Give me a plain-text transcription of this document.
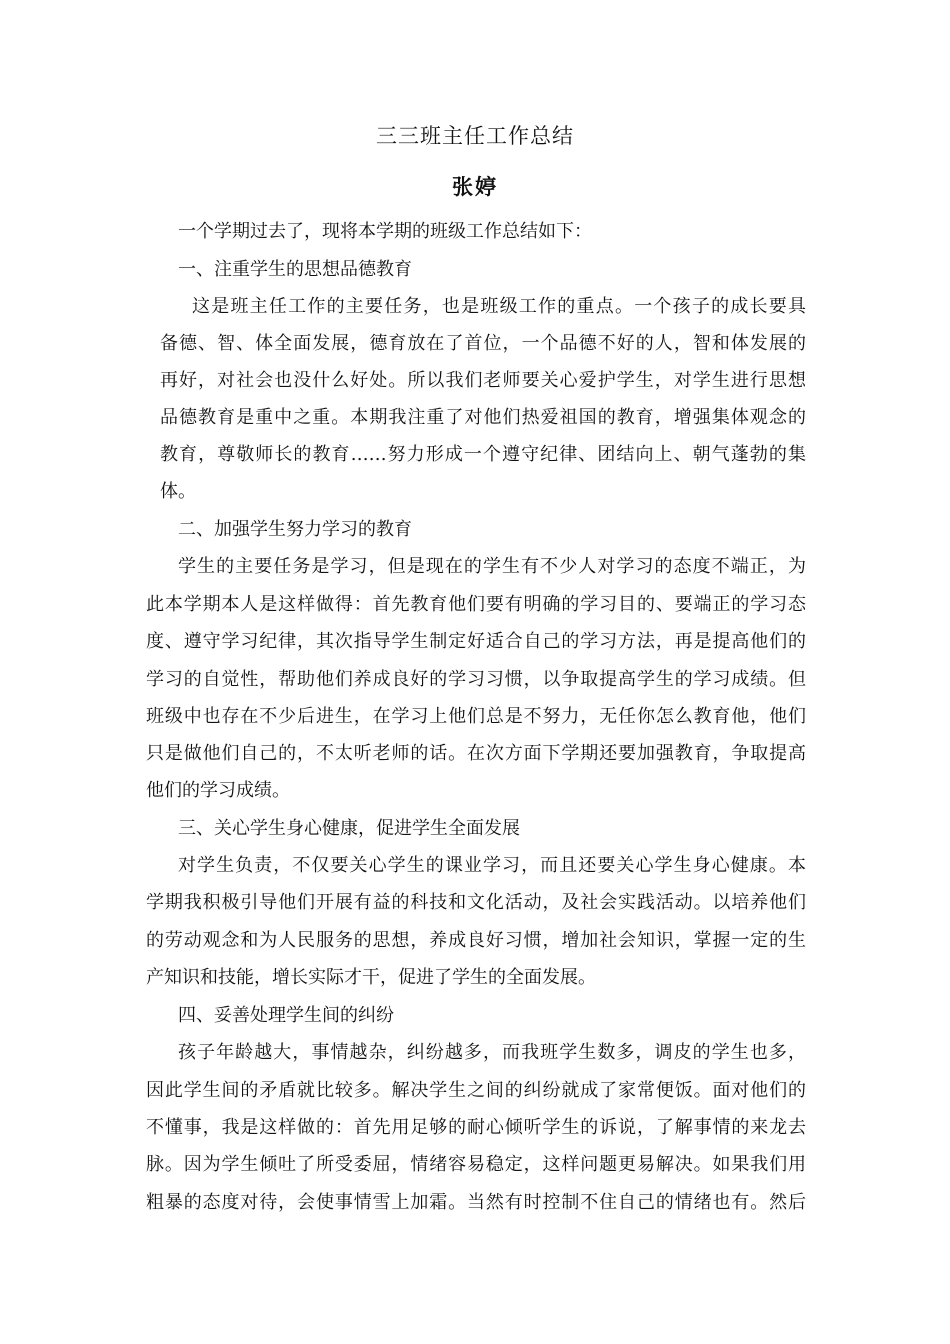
三三班主任工作总结
张婷
一个学期过去了，现将本学期的班级工作总结如下：
一、注重学生的思想品德教育
这是班主任工作的主要任务，也是班级工作的重点。一个孩子的成长要具
备德、智、体全面发展，德育放在了首位，一个品德不好的人，智和体发展的
再好，对社会也没什么好处。所以我们老师要关心爱护学生，对学生进行思想
品德教育是重中之重。本期我注重了对他们热爱祖国的教育，增强集体观念的
教育，尊敬师长的教育……努力形成一个遵守纪律、团结向上、朝气蓬勃的集
体。
二、加强学生努力学习的教育
学生的主要任务是学习，但是现在的学生有不少人对学习的态度不端正，为
此本学期本人是这样做得：首先教育他们要有明确的学习目的、要端正的学习态
度、遵守学习纪律，其次指导学生制定好适合自己的学习方法，再是提高他们的
学习的自觉性，帮助他们养成良好的学习习惯，以争取提高学生的学习成绩。但
班级中也存在不少后进生，在学习上他们总是不努力，无任你怎么教育他，他们
只是做他们自己的，不太听老师的话。在次方面下学期还要加强教育，争取提高
他们的学习成绩。
三、关心学生身心健康，促进学生全面发展
对学生负责，不仅要关心学生的课业学习，而且还要关心学生身心健康。本
学期我积极引导他们开展有益的科技和文化活动，及社会实践活动。以培养他们
的劳动观念和为人民服务的思想，养成良好习惯，增加社会知识，掌握一定的生
产知识和技能，增长实际才干，促进了学生的全面发展。
四、妥善处理学生间的纠纷
孩子年龄越大，事情越杂，纠纷越多，而我班学生数多，调皮的学生也多，
因此学生间的矛盾就比较多。解决学生之间的纠纷就成了家常便饭。面对他们的
不懂事，我是这样做的：首先用足够的耐心倾听学生的诉说，了解事情的来龙去
脉。因为学生倾吐了所受委屈，情绪容易稳定，这样问题更易解决。如果我们用
粗暴的态度对待，会使事情雪上加霜。当然有时控制不住自己的情绪也有。然后
